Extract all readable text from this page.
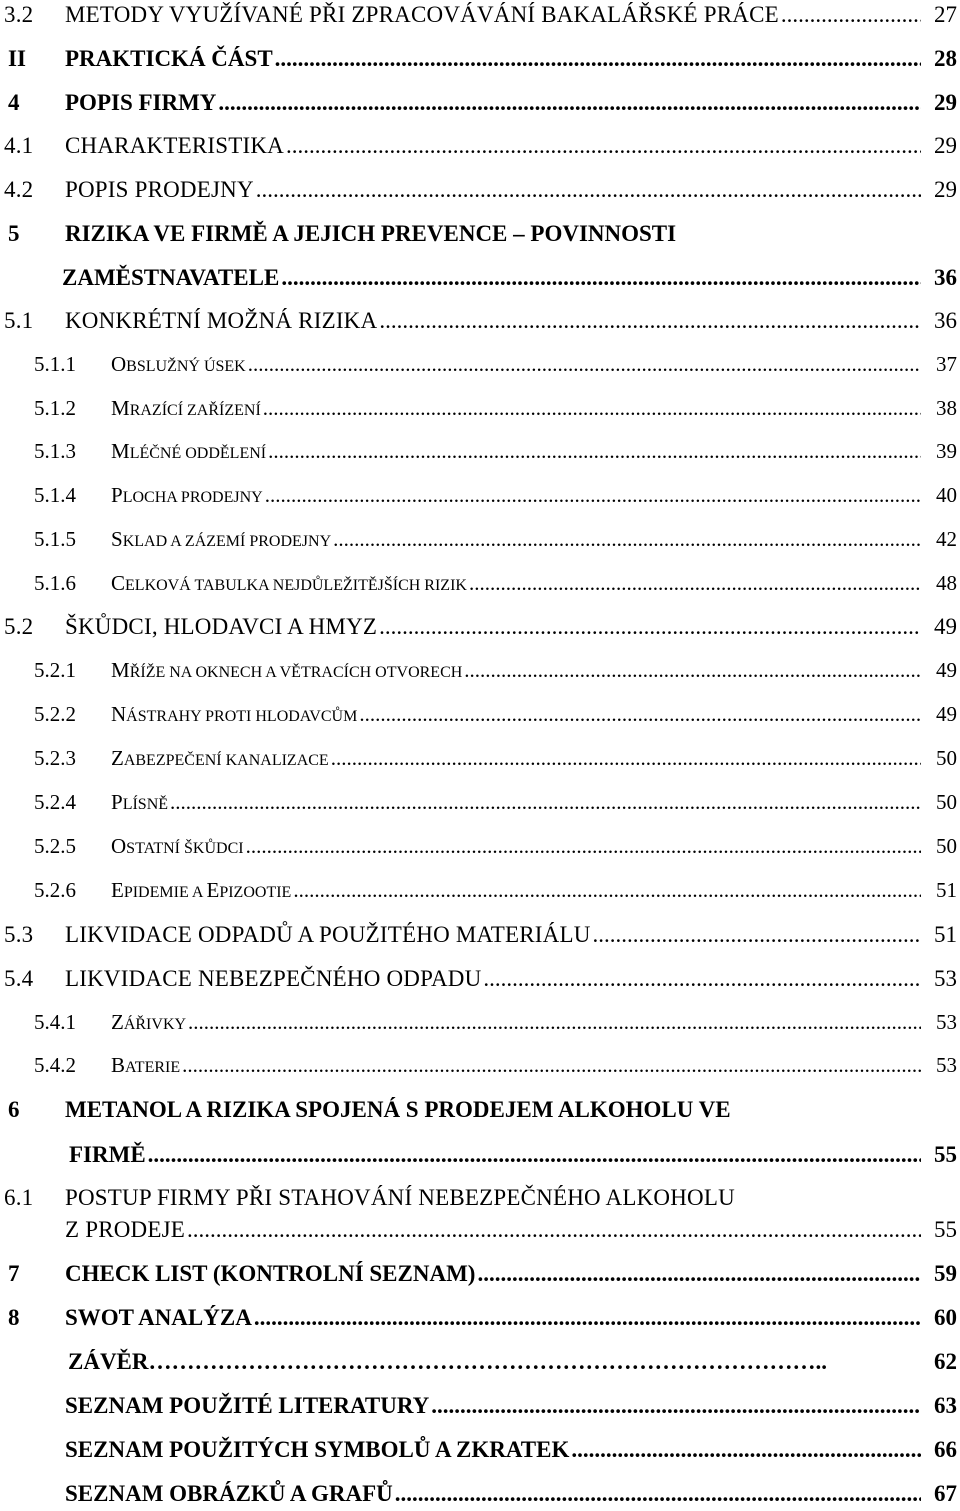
3.2 METODY VYUŽÍVANÉ PŘI ZPRACOVÁVÁNÍ BAKALÁŘSKÉ PRÁCE	27
.....
II PRAKTICKÁ ČÁST	28
.....
4 POPIS FIRMY	29
.....
4.1 CHARAKTERISTIKA	29
.....
4.2 POPIS PRODEJNY	29
.....
5 RIZIKA VE FIRMĚ A JEJICH PREVENCE – POVINNOSTI
ZAMĚSTNAVATELE	36
.....
5.1 KONKRÉTNÍ MOŽNÁ RIZIKA	36
.....
5.1.1 OBSLUŽNÝ ÚSEK	37
.....
5.1.2 MRAZÍCÍ ZAŘÍZENÍ	38
.....
5.1.3 MLÉČNÉ ODDĚLENÍ	39
.....
5.1.4 PLOCHA PRODEJNY	40
.....
5.1.5 SKLAD A ZÁZEMÍ PRODEJNY	42
.....
5.1.6 CELKOVÁ TABULKA NEJDŮLEŽITĚJŠÍCH RIZIK	48
.....
5.2 ŠKŮDCI, HLODAVCI A HMYZ	49
.....
5.2.1 MŘÍŽE NA OKNECH A VĚTRACÍCH OTVORECH	49
.....
5.2.2 NÁSTRAHY PROTI HLODAVCŮM	49
.....
5.2.3 ZABEZPEČENÍ KANALIZACE	50
.....
5.2.4 PLÍSNĚ	50
.....
5.2.5 OSTATNÍ ŠKŮDCI	50
.....
5.2.6 EPIDEMIE A EPIZOOTIE	51
.....
5.3 LIKVIDACE ODPADŮ A POUŽITÉHO MATERIÁLU	51
.....
5.4 LIKVIDACE NEBEZPEČNÉHO ODPADU	53
.....
5.4.1 ZÁŘIVKY	53
.....
5.4.2 BATERIE	53
.....
6 METANOL A RIZIKA SPOJENÁ S PRODEJEM ALKOHOLU VE
FIRMĚ	55
.....
6.1 POSTUP FIRMY PŘI STAHOVÁNÍ NEBEZPEČNÉHO ALKOHOLU
Z PRODEJE	55
.....
7 CHECK LIST (KONTROLNÍ SEZNAM)	59
.....
8 SWOT ANALÝZA	60
.....
ZÁVĚR……………………………………………………………………………..	62
SEZNAM POUŽITÉ LITERATURY	63
.....
SEZNAM POUŽITÝCH SYMBOLŮ A ZKRATEK	66
.....
SEZNAM OBRÁZKŮ A GRAFŮ	67
.....
